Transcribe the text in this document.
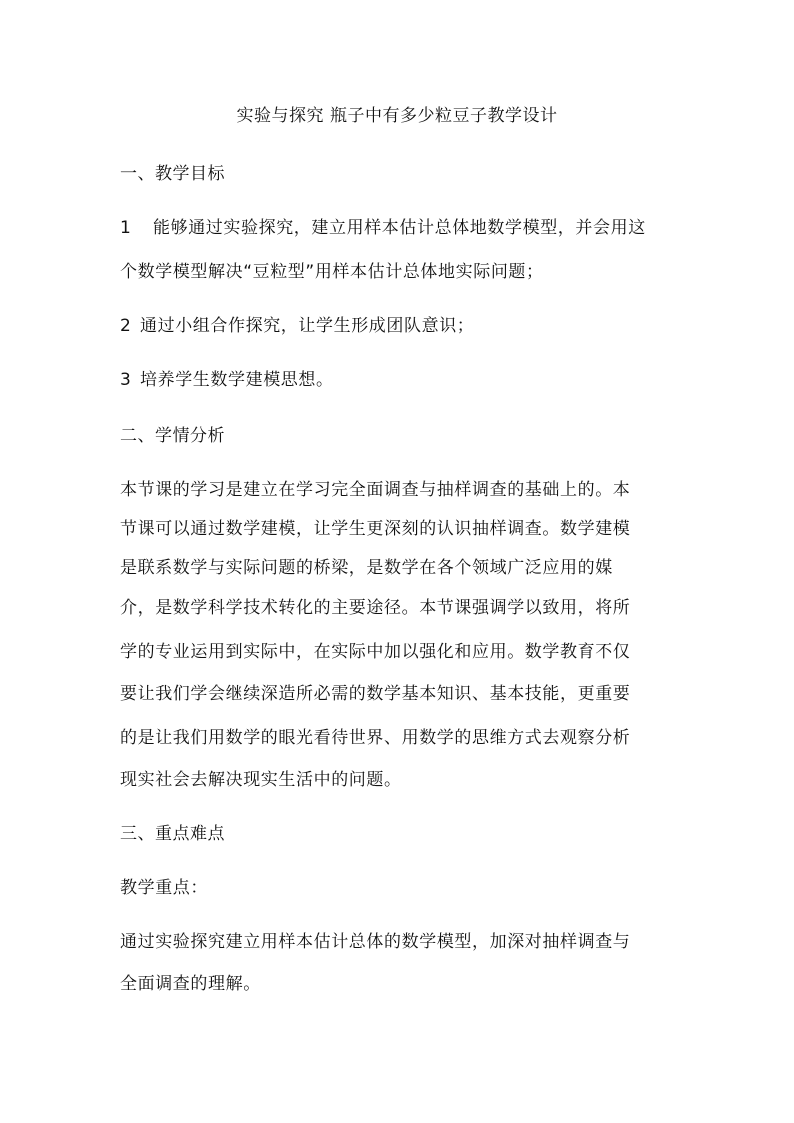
实验与探究 瓶子中有多少粒豆子教学设计
一、教学目标
1 能够通过实验探究，建立用样本估计总体地数学模型，并会用这
个数学模型解决“豆粒型”用样本估计总体地实际问题；
2 通过小组合作探究，让学生形成团队意识；
3 培养学生数学建模思想。
二、学情分析
本节课的学习是建立在学习完全面调查与抽样调查的基础上的。本
节课可以通过数学建模，让学生更深刻的认识抽样调查。数学建模
是联系数学与实际问题的桥梁，是数学在各个领域广泛应用的媒
介，是数学科学技术转化的主要途径。本节课强调学以致用，将所
学的专业运用到实际中，在实际中加以强化和应用。数学教育不仅
要让我们学会继续深造所必需的数学基本知识、基本技能，更重要
的是让我们用数学的眼光看待世界、用数学的思维方式去观察分析
现实社会去解决现实生活中的问题。
三、重点难点
教学重点：
通过实验探究建立用样本估计总体的数学模型，加深对抽样调查与
全面调查的理解。
